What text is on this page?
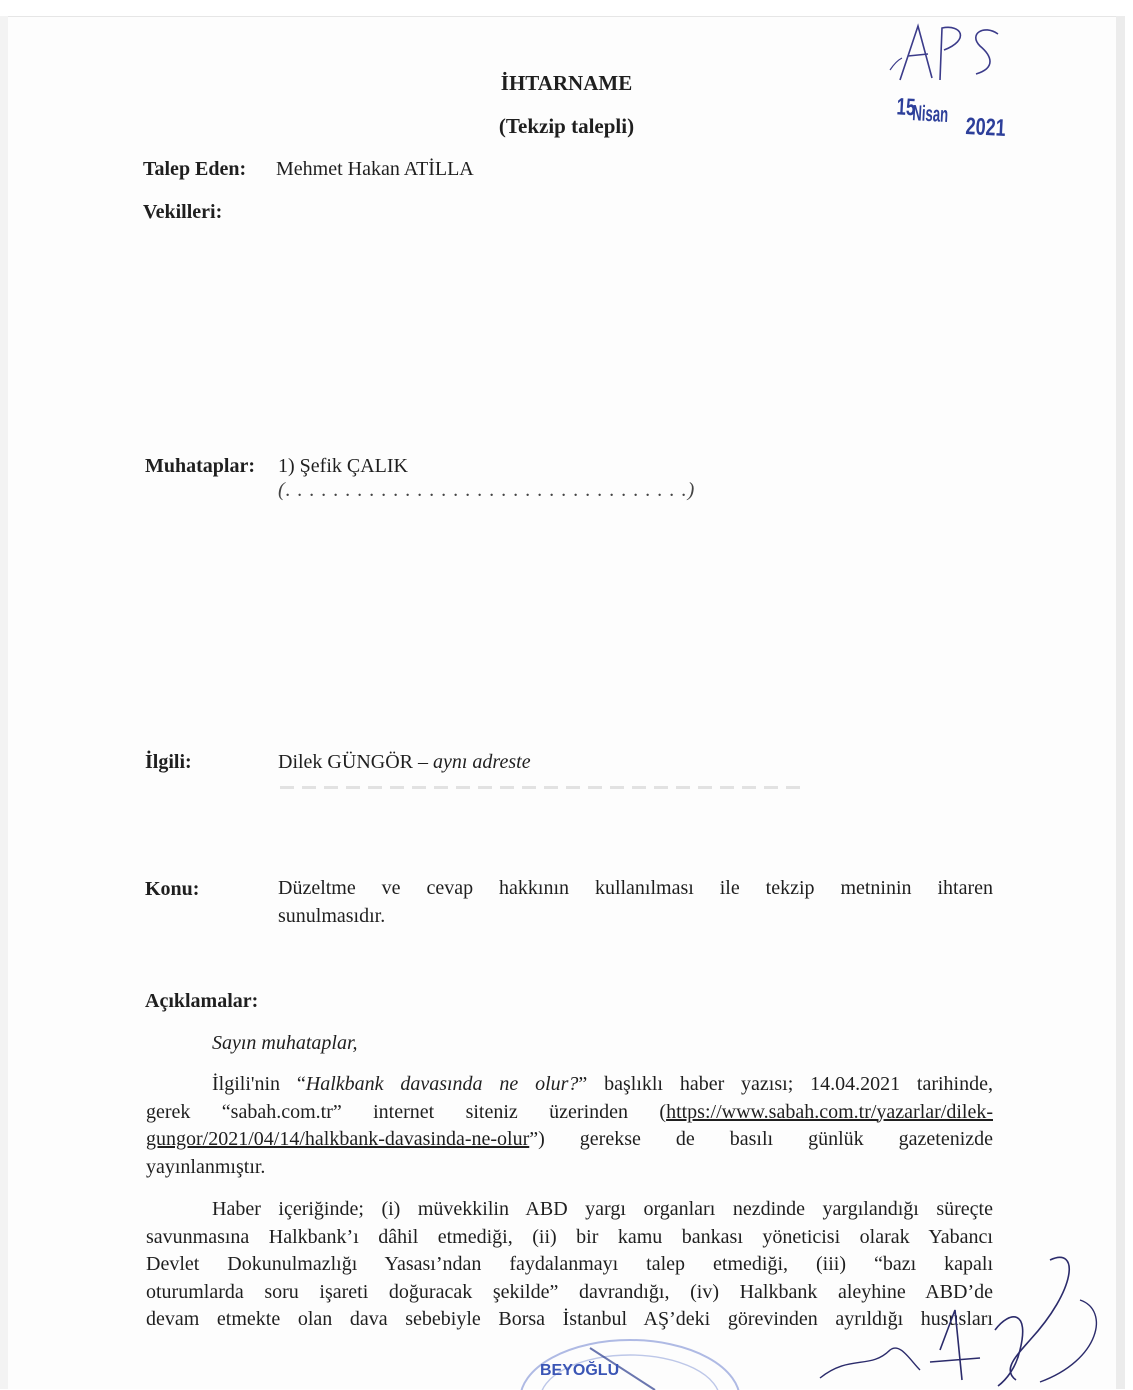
15
Nisan 2021
İHTARNAME
(Tekzip talepli)
Talep Eden: Mehmet Hakan ATİLLA
Vekilleri:
Muhataplar: 1) Şefik ÇALIK
(. . . . . . . . . . . . . . . . . . . . . . . . . . . . . . . . . .)
İlgili:	Dilek GÜNGÖR – aynı adreste
Konu:	Düzeltme ve cevap hakkının kullanılması ile tekzip metninin ihtaren
sunulmasıdır.
Açıklamalar:
Sayın muhataplar,
İlgili'nin “Halkbank davasında ne olur?” başlıklı haber yazısı; 14.04.2021 tarihinde,
gerek “sabah.com.tr” internet siteniz üzerinden (https://www.sabah.com.tr/yazarlar/dilek-
gungor/2021/04/14/halkbank-davasinda-ne-olur”) gerekse de basılı günlük gazetenizde
yayınlanmıştır.
Haber içeriğinde; (i) müvekkilin ABD yargı organları nezdinde yargılandığı süreçte
savunmasına Halkbank’ı dâhil etmediği, (ii) bir kamu bankası yöneticisi olarak Yabancı
Devlet Dokunulmazlığı Yasası’ndan faydalanmayı talep etmediği, (iii) “bazı kapalı
oturumlarda soru işareti doğuracak şekilde” davrandığı, (iv) Halkbank aleyhine ABD’de
devam etmekte olan dava sebebiyle Borsa İstanbul AŞ’deki görevinden ayrıldığı hususları
BEYOĞLU
